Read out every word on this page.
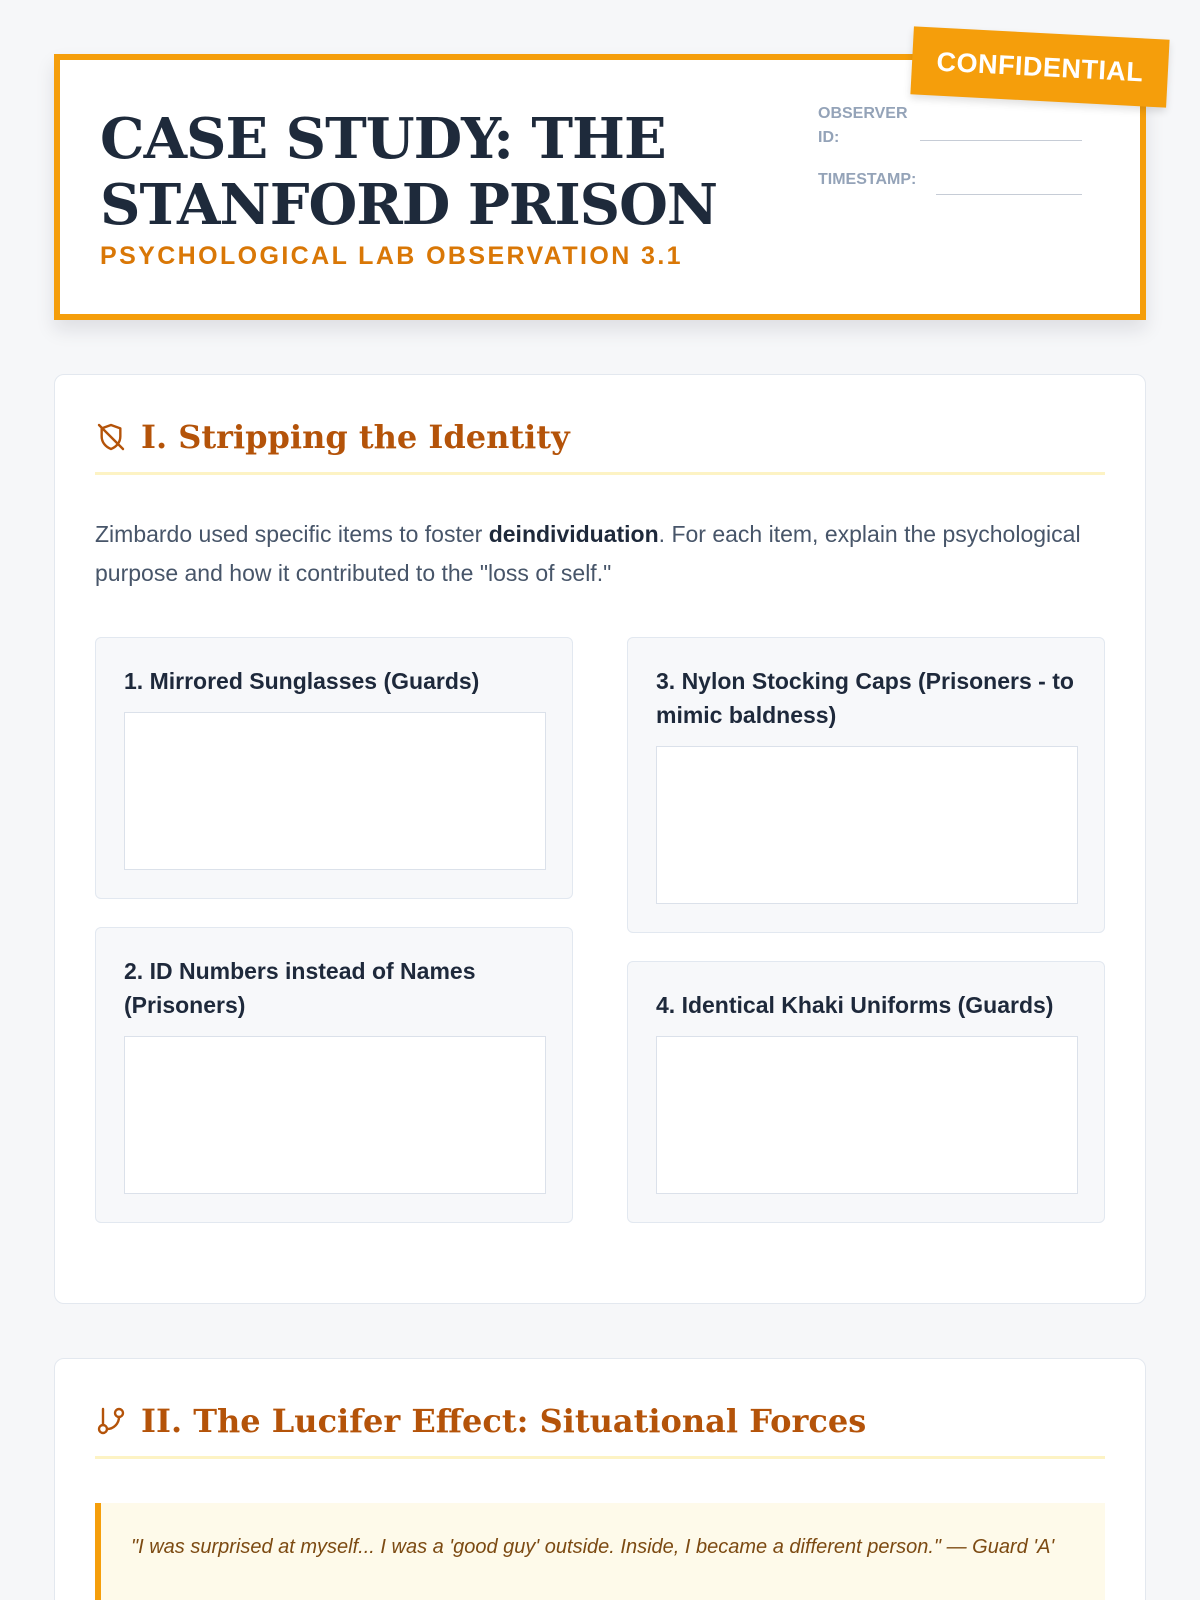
CASE STUDY: THE STANFORD PRISON
PSYCHOLOGICAL LAB OBSERVATION 3.1
OBSERVER ID:
TIMESTAMP:
CONFIDENTIAL
I. Stripping the Identity

Zimbardo used specific items to foster deindividuation. For each item, explain the psychological purpose and how it contributed to the "loss of self."

1. Mirrored Sunglasses (Guards)
2. ID Numbers instead of Names (Prisoners)
3. Nylon Stocking Caps (Prisoners - to mimic baldness)
4. Identical Khaki Uniforms (Guards)
II. The Lucifer Effect: Situational Forces
"I was surprised at myself... I was a 'good guy' outside. Inside, I became a different person." — Guard 'A'
